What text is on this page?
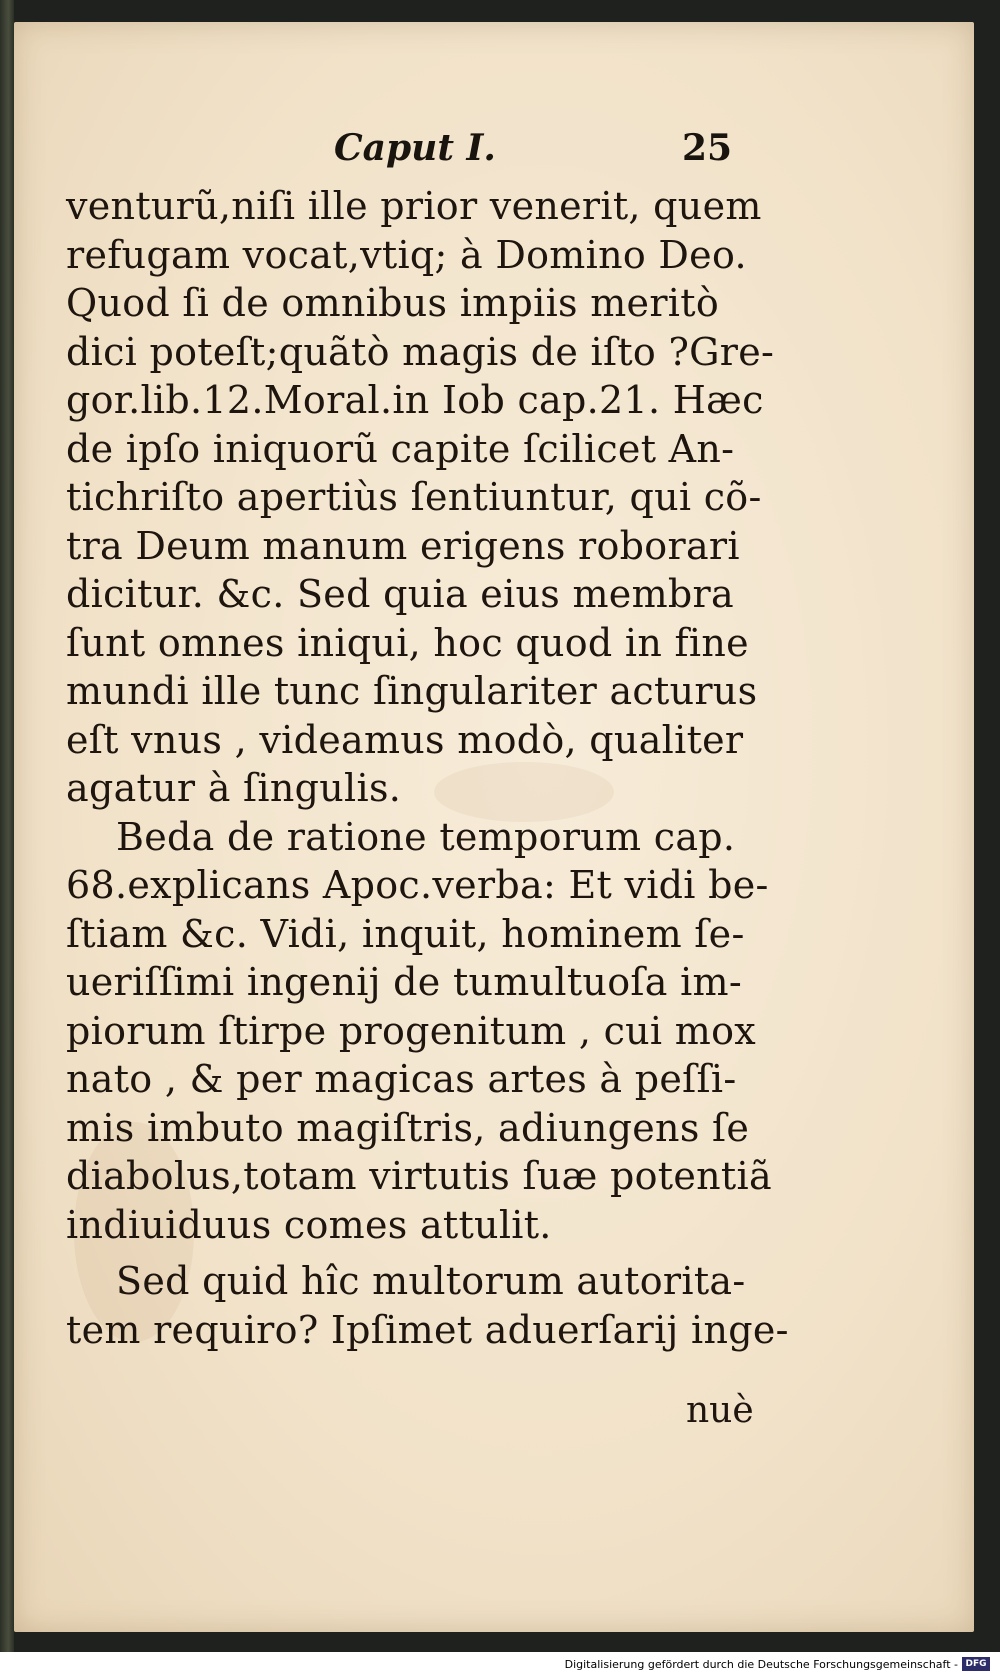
Caput I.	25
venturũ,niſi ille prior venerit, quem
refugam vocat,vtiq; à Domino Deo.
Quod ſi de omnibus impiis meritò
dici poteſt;quãtò magis de iſto ?Gre-
gor.lib.12.Moral.in Iob cap.21. Hæc
de ipſo iniquorũ capite ſcilicet An-
tichriſto apertiùs ſentiuntur, qui cõ-
tra Deum manum erigens roborari
dicitur. &c. Sed quia eius membra
ſunt omnes iniqui, hoc quod in fine
mundi ille tunc ſingulariter acturus
eſt vnus , videamus modò, qualiter
agatur à ſingulis.
Beda de ratione temporum cap.
68.explicans Apoc.verba: Et vidi be-
ſtiam &c. Vidi, inquit, hominem ſe-
ueriſſimi ingenij de tumultuoſa im-
piorum ſtirpe progenitum , cui mox
nato , & per magicas artes à peſſi-
mis imbuto magiſtris, adiungens ſe
diabolus,totam virtutis ſuæ potentiã
indiuiduus comes attulit.
Sed quid hîc multorum autorita-
tem requiro? Ipſimet aduerſarij inge-
nuè
Digitalisierung gefördert durch die Deutsche Forschungsgemeinschaft - DFG
